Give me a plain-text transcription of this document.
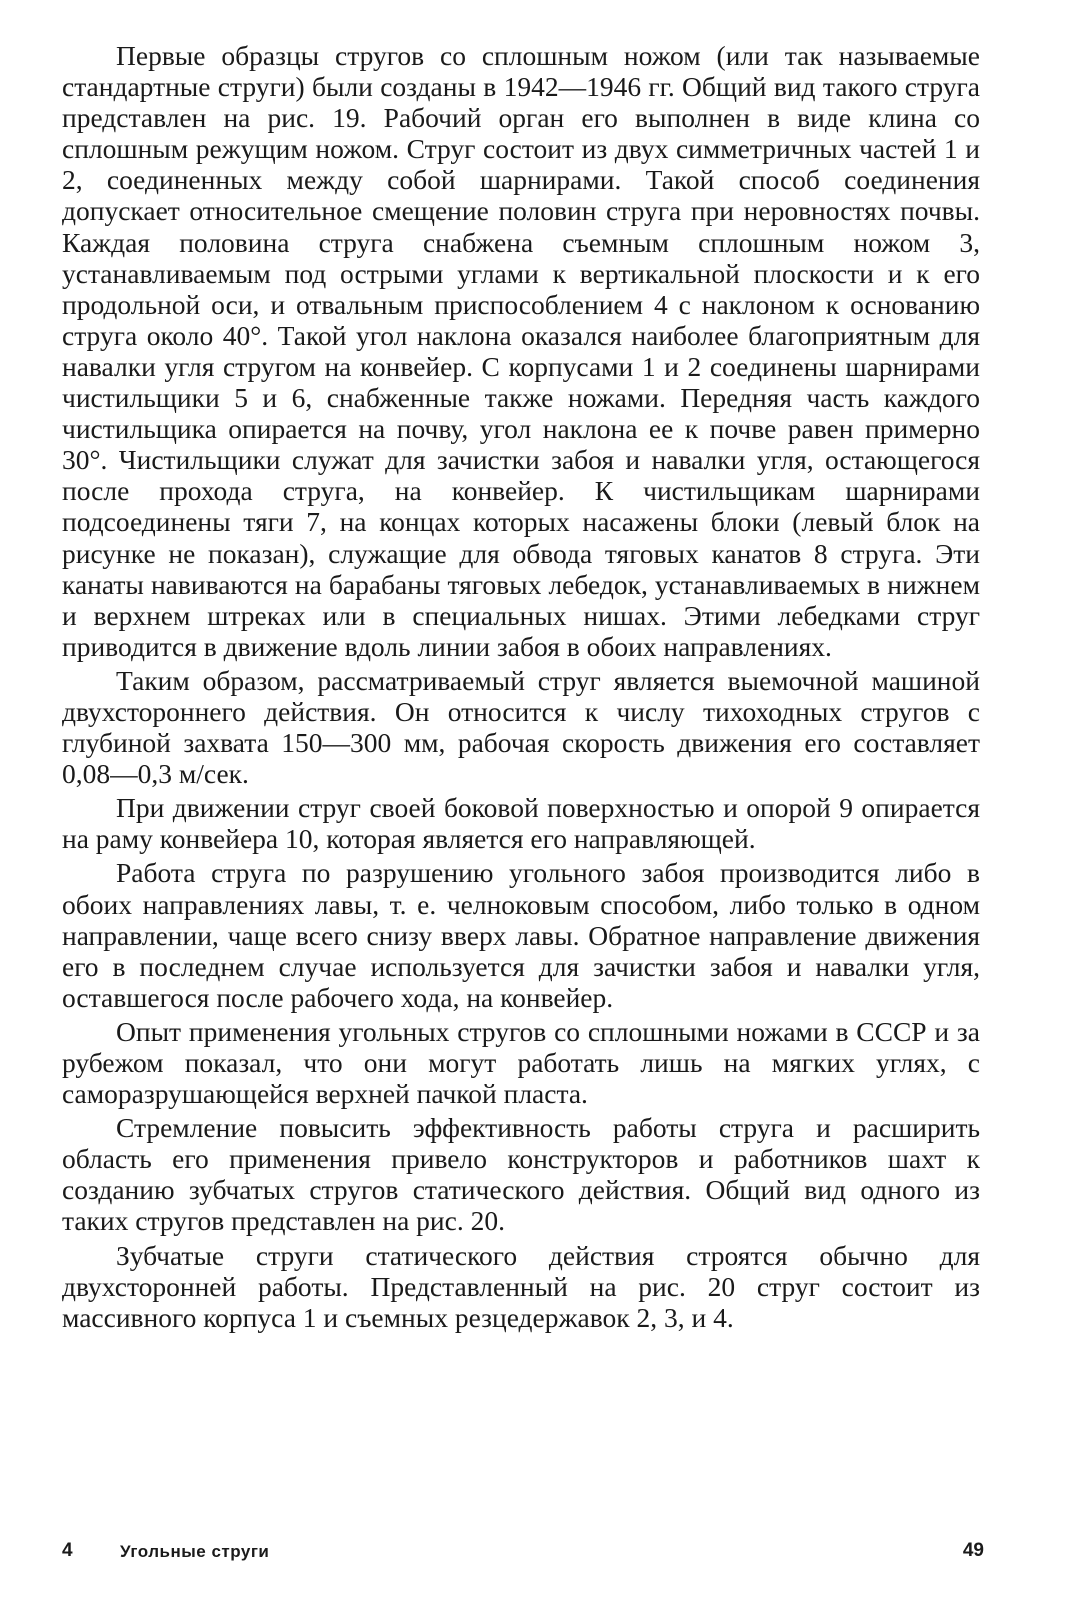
Первые образцы стругов со сплошным ножом (или так называемые стандартные струги) были созданы в 1942—1946 гг. Общий вид такого струга представлен на рис. 19. Рабочий орган его выполнен в виде клина со сплошным режущим ножом. Струг состоит из двух симметричных частей 1 и 2, соединенных между собой шарнирами. Такой способ соединения допускает относительное смещение половин струга при неровностях почвы. Каждая половина струга снабжена съемным сплошным ножом 3, устанавливаемым под острыми углами к вертикальной плоскости и к его продольной оси, и отвальным приспособлением 4 с наклоном к основанию струга около 40°. Такой угол наклона оказался наиболее благоприятным для навалки угля стругом на конвейер. С корпусами 1 и 2 соединены шарнирами чистильщики 5 и 6, снабженные также ножами. Передняя часть каждого чистильщика опирается на почву, угол наклона ее к почве равен примерно 30°. Чистильщики служат для зачистки забоя и навалки угля, остающегося после прохода струга, на конвейер. К чистильщикам шарнирами подсоединены тяги 7, на концах которых насажены блоки (левый блок на рисунке не показан), служащие для обвода тяговых канатов 8 струга. Эти канаты навиваются на барабаны тяговых лебедок, устанавливаемых в нижнем и верхнем штреках или в специальных нишах. Этими лебедками струг приводится в движение вдоль линии забоя в обоих направлениях.

Таким образом, рассматриваемый струг является выемочной машиной двухстороннего действия. Он относится к числу тихоходных стругов с глубиной захвата 150—300 мм, рабочая скорость движения его составляет 0,08—0,3 м/сек.

При движении струг своей боковой поверхностью и опорой 9 опирается на раму конвейера 10, которая является его направляющей.

Работа струга по разрушению угольного забоя производится либо в обоих направлениях лавы, т. е. челноковым способом, либо только в одном направлении, чаще всего снизу вверх лавы. Обратное направление движения его в последнем случае используется для зачистки забоя и навалки угля, оставшегося после рабочего хода, на конвейер.

Опыт применения угольных стругов со сплошными ножами в СССР и за рубежом показал, что они могут работать лишь на мягких углях, с саморазрушающейся верхней пачкой пласта.

Стремление повысить эффективность работы струга и расширить область его применения привело конструкторов и работников шахт к созданию зубчатых стругов статического действия. Общий вид одного из таких стругов представлен на рис. 20.

Зубчатые струги статического действия строятся обычно для двухсторонней работы. Представленный на рис. 20 струг состоит из массивного корпуса 1 и съемных резцедержавок 2, 3, и 4.

4	Угольные струги	49
